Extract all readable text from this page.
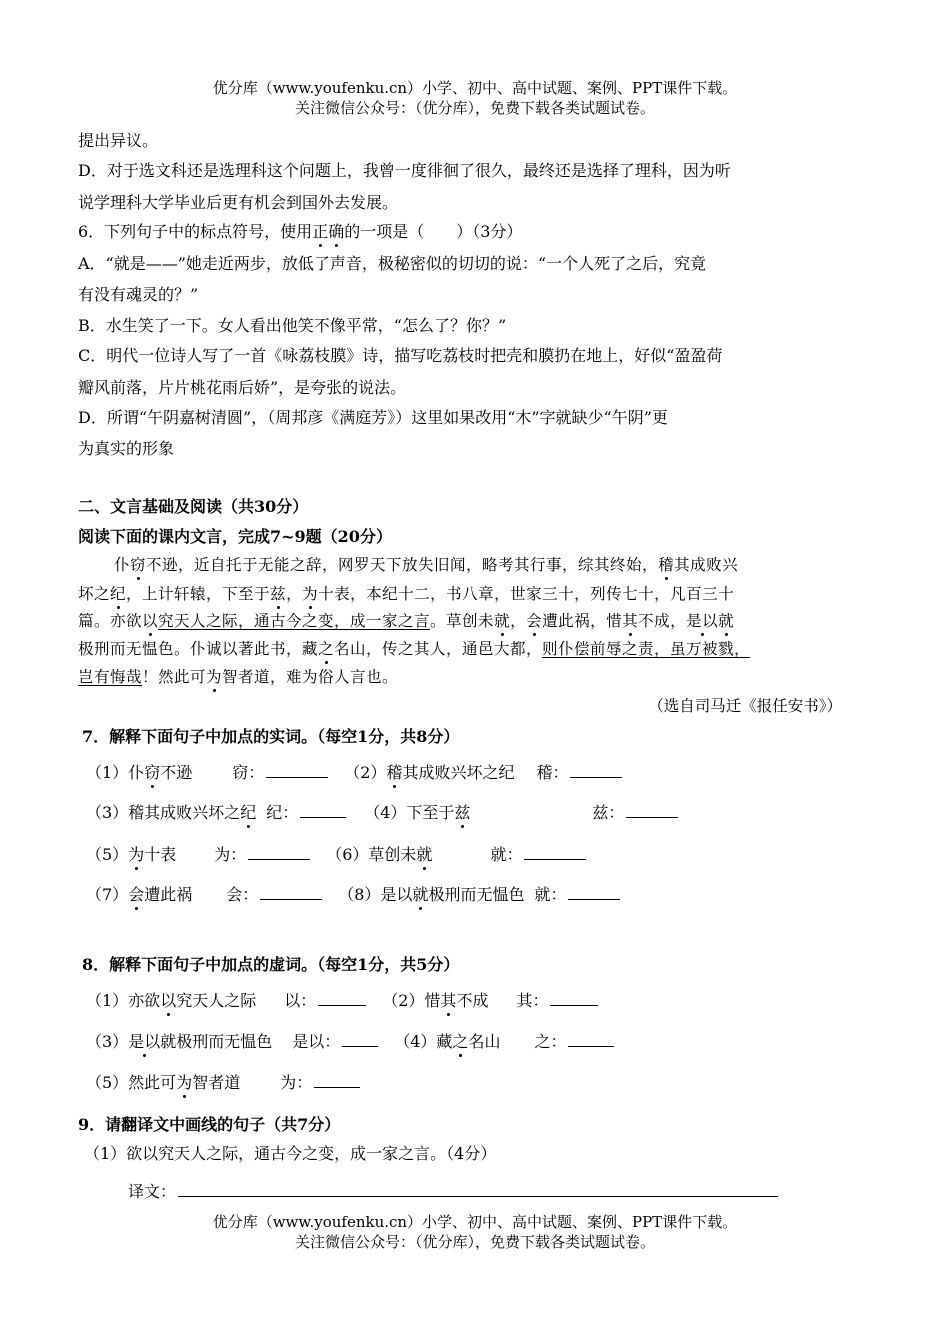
优分库（www.youfenku.cn）小学、初中、高中试题、案例、PPT课件下载。
关注微信公众号：（优分库），免费下载各类试题试卷。
提出异议。
D．对于选文科还是选理科这个问题上，我曾一度徘徊了很久，最终还是选择了理科，因为听
说学理科大学毕业后更有机会到国外去发展。
6．下列句子中的标点符号，使用正确的一项是（　　）（3分）
A．“就是——”她走近两步，放低了声音，极秘密似的切切的说：“一个人死了之后，究竟
有没有魂灵的？”
B．水生笑了一下。女人看出他笑不像平常，“怎么了？你？”
C．明代一位诗人写了一首《咏荔枝膜》诗，描写吃荔枝时把壳和膜扔在地上，好似“盈盈荷
瓣风前落，片片桃花雨后娇”，是夸张的说法。
D．所谓“午阴嘉树清圆”，（周邦彦《满庭芳》）这里如果改用“木”字就缺少“午阴”更
为真实的形象
二、文言基础及阅读（共30分）
阅读下面的课内文言，完成7~9题（20分）
仆窃不逊，近自托于无能之辞，网罗天下放失旧闻，略考其行事，综其终始，稽其成败兴
坏之纪，上计轩辕，下至于兹，为十表，本纪十二，书八章，世家三十，列传七十，凡百三十
篇。亦欲以究天人之际，通古今之变，成一家之言。草创未就，会遭此祸，惜其不成，是以就
极刑而无愠色。仆诚以著此书，藏之名山，传之其人，通邑大都，则仆偿前辱之责，虽万被戮，
岂有悔哉！然此可为智者道，难为俗人言也。
（选自司马迁《报任安书》）
7．解释下面句子中加点的实词。（每空1分，共8分）
（1）仆窃不逊	窃：	（2）稽其成败兴坏之纪 稽：
（3）稽其成败兴坏之纪 纪：	（4）下至于兹	兹：
（5）为十表 为：	（6）草创未就	就：
（7）会遭此祸 会：	（8）是以就极刑而无愠色 就：
8．解释下面句子中加点的虚词。（每空1分，共5分）
（1）亦欲以究天人之际 以：	（2）惜其不成 其：
（3）是以就极刑而无愠色 是以：	（4）藏之名山 之：
（5）然此可为智者道	为：
9．请翻译文中画线的句子（共7分）
（1）欲以究天人之际，通古今之变，成一家之言。（4分）
译文：
优分库（www.youfenku.cn）小学、初中、高中试题、案例、PPT课件下载。
关注微信公众号：（优分库），免费下载各类试题试卷。
